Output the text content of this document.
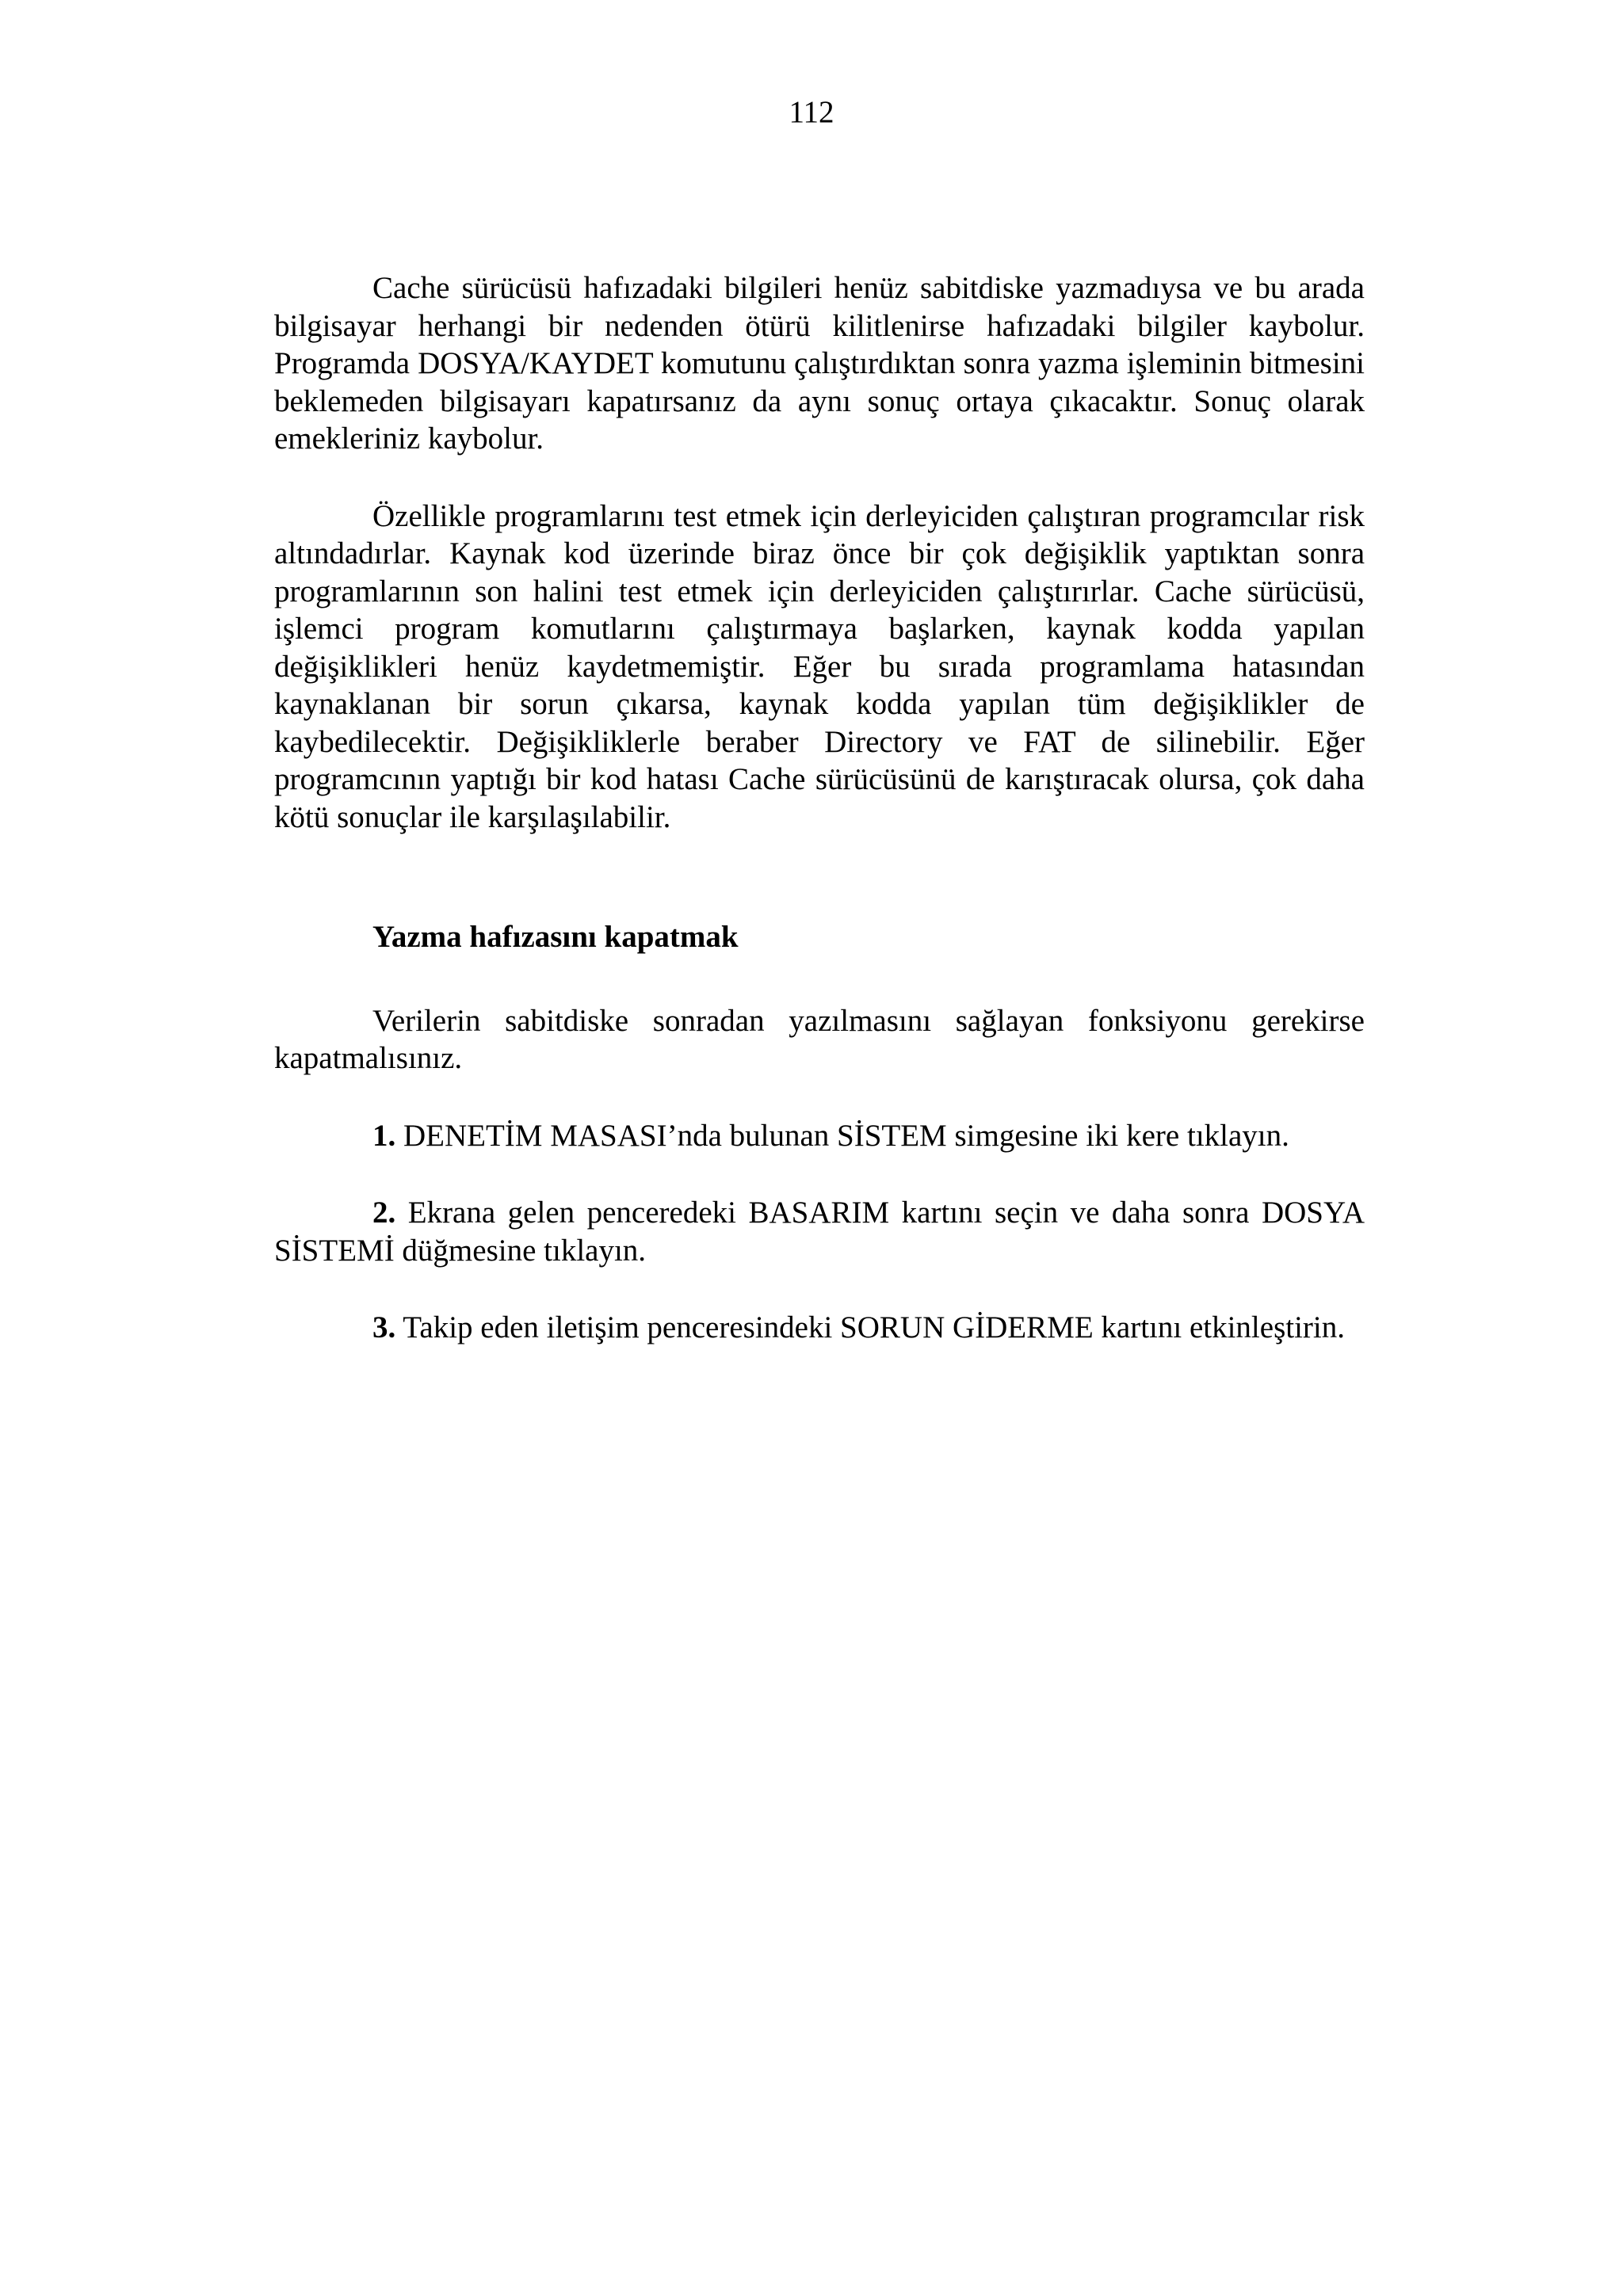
112

Cache sürücüsü hafızadaki bilgileri henüz sabitdiske yazmadıysa ve bu arada bilgisayar herhangi bir nedenden ötürü kilitlenirse hafızadaki bilgiler kaybolur. Programda DOSYA/KAYDET komutunu çalıştırdıktan sonra yazma işleminin bitmesini beklemeden bilgisayarı kapatırsanız da aynı sonuç ortaya çıkacaktır. Sonuç olarak emekleriniz kaybolur.

Özellikle programlarını test etmek için derleyiciden çalıştıran programcılar risk altındadırlar. Kaynak kod üzerinde biraz önce bir çok değişiklik yaptıktan sonra programlarının son halini test etmek için derleyiciden çalıştırırlar. Cache sürücüsü, işlemci program komutlarını çalıştırmaya başlarken, kaynak kodda yapılan değişiklikleri henüz kaydetmemiştir. Eğer bu sırada programlama hatasından kaynaklanan bir sorun çıkarsa, kaynak kodda yapılan tüm değişiklikler de kaybedilecektir. Değişikliklerle beraber Directory ve FAT de silinebilir. Eğer programcının yaptığı bir kod hatası Cache sürücüsünü de karıştıracak olursa, çok daha kötü sonuçlar ile karşılaşılabilir.

Yazma hafızasını kapatmak

Verilerin sabitdiske sonradan yazılmasını sağlayan fonksiyonu gerekirse kapatmalısınız.

1. DENETİM MASASI’nda bulunan SİSTEM simgesine iki kere tıklayın.

2. Ekrana gelen penceredeki BASARIM kartını seçin ve daha sonra DOSYA SİSTEMİ düğmesine tıklayın.

3. Takip eden iletişim penceresindeki SORUN GİDERME kartını etkinleştirin.
